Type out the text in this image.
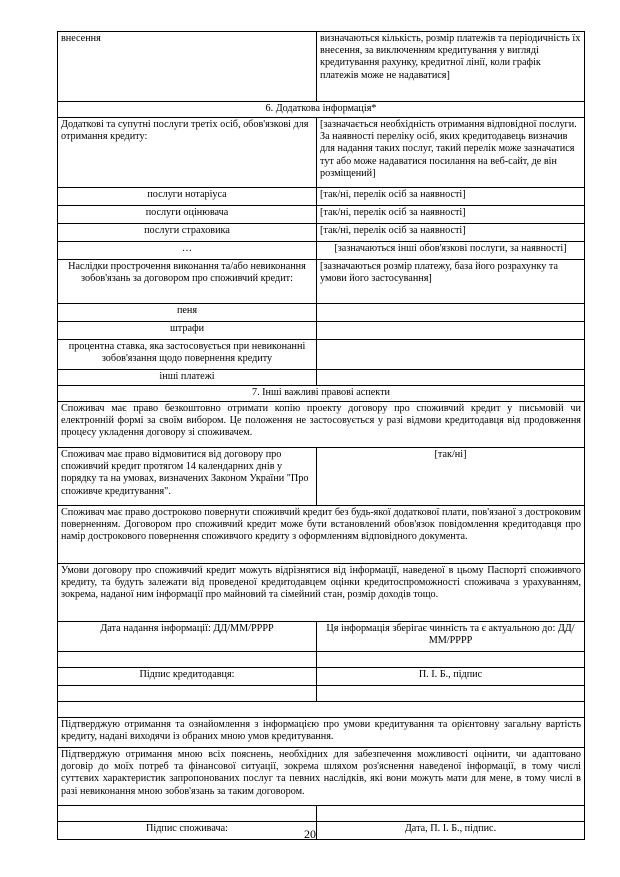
внесення	визначаються кількість, розмір платежів та періодичність їх внесення, за виключенням кредитування у вигляді кредитування рахунку, кредитної лінії, коли графік платежів може не надаватися]
6. Додаткова інформація*	
Додаткові та супутні послуги третіх осіб, обов'язкові для отримання кредиту:	[зазначається необхідність отримання відповідної послуги. За наявності переліку осіб, яких кредитодавець визначив для надання таких послуг, такий перелік може зазначатися тут або може надаватися посилання на веб-сайт, де він розміщений]
послуги нотаріуса	[так/ні, перелік осіб за наявності]
послуги оцінювача	[так/ні, перелік осіб за наявності]
послуги страховика	[так/ні, перелік осіб за наявності]
…	[зазначаються інші обов'язкові послуги, за наявності]
Наслідки прострочення виконання та/або невиконання зобов'язань за договором про споживчий кредит:	[зазначаються розмір платежу, база його розрахунку та умови його застосування]
пеня	
штрафи	
процентна ставка, яка застосовується при невиконанні зобов'язання щодо повернення кредиту	
інші платежі	
7. Інші важливі правові аспекти	
Споживач має право безкоштовно отримати копію проекту договору про споживчий кредит у письмовій чи електронній формі за своїм вибором. Це положення не застосовується у разі відмови кредитодавця від продовження процесу укладення договору зі споживачем.	
Споживач має право відмовитися від договору про споживчий кредит протягом 14 календарних днів у порядку та на умовах, визначених Законом України "Про споживче кредитування".	[так/ні]
Споживач має право достроково повернути споживчий кредит без будь-якої додаткової плати, пов'язаної з достроковим поверненням. Договором про споживчий кредит може бути встановлений обов'язок повідомлення кредитодавця про намір дострокового повернення споживчого кредиту з оформленням відповідного документа.	
Умови договору про споживчий кредит можуть відрізнятися від інформації, наведеної в цьому Паспорті споживчого кредиту, та будуть залежати від проведеної кредитодавцем оцінки кредитоспроможності споживача з урахуванням, зокрема, наданої ним інформації про майновий та сімейний стан, розмір доходів тощо.	
Дата надання інформації: ДД/ММ/РРРР	Ця інформація зберігає чинність та є актуальною до: ДД/ММ/РРРР

Підпис кредитодавця:	П. І. Б., підпис

Підтверджую отримання та ознайомлення з інформацією про умови кредитування та орієнтовну загальну вартість кредиту, надані виходячи із обраних мною умов кредитування.	
Підтверджую отримання мною всіх пояснень, необхідних для забезпечення можливості оцінити, чи адаптовано договір до моїх потреб та фінансової ситуації, зокрема шляхом роз'яснення наведеної інформації, в тому числі суттєвих характеристик запропонованих послуг та певних наслідків, які вони можуть мати для мене, в тому числі в разі невиконання мною зобов'язань за таким договором.	

Підпис споживача:	Дата, П. І. Б., підпис.
20
